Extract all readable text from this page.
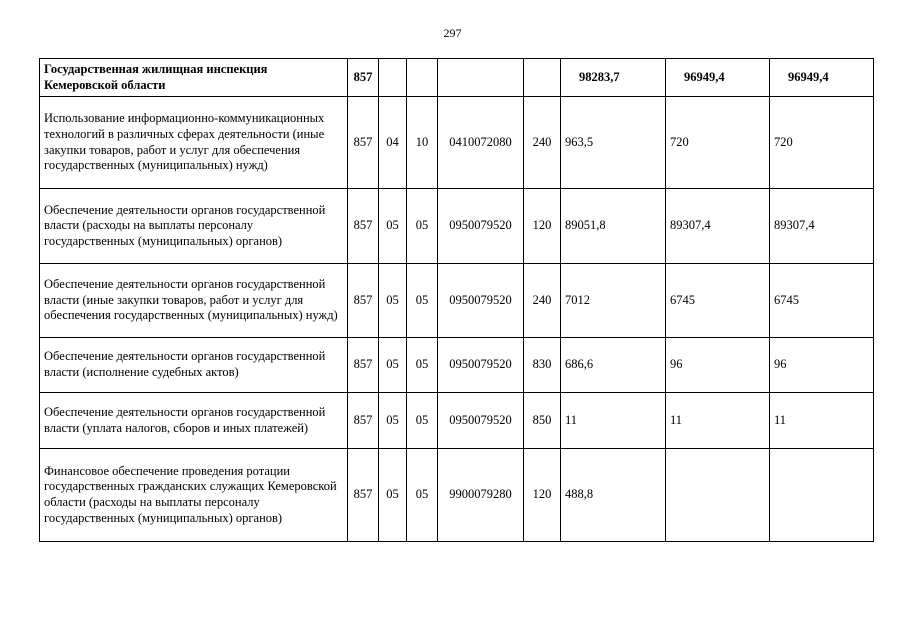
297
Государственная жилищная инспекция Кемеровской области	857					98283,7	96949,4	96949,4
Использование информационно-коммуникационных технологий в различных сферах деятельности (иные закупки товаров, работ и услуг для обеспечения государственных (муниципальных) нужд)	857	04	10	0410072080	240	963,5	720	720
Обеспечение деятельности органов государственной власти (расходы на выплаты персоналу государственных (муниципальных) органов)	857	05	05	0950079520	120	89051,8	89307,4	89307,4
Обеспечение деятельности органов государственной власти (иные закупки товаров, работ и услуг для обеспечения государственных (муниципальных) нужд)	857	05	05	0950079520	240	7012	6745	6745
Обеспечение деятельности органов государственной власти (исполнение судебных актов)	857	05	05	0950079520	830	686,6	96	96
Обеспечение деятельности органов государственной власти (уплата налогов, сборов и иных платежей)	857	05	05	0950079520	850	11	11	11
Финансовое обеспечение проведения ротации государственных гражданских служащих Кемеровской области (расходы на выплаты персоналу государственных (муниципальных) органов)	857	05	05	9900079280	120	488,8		
